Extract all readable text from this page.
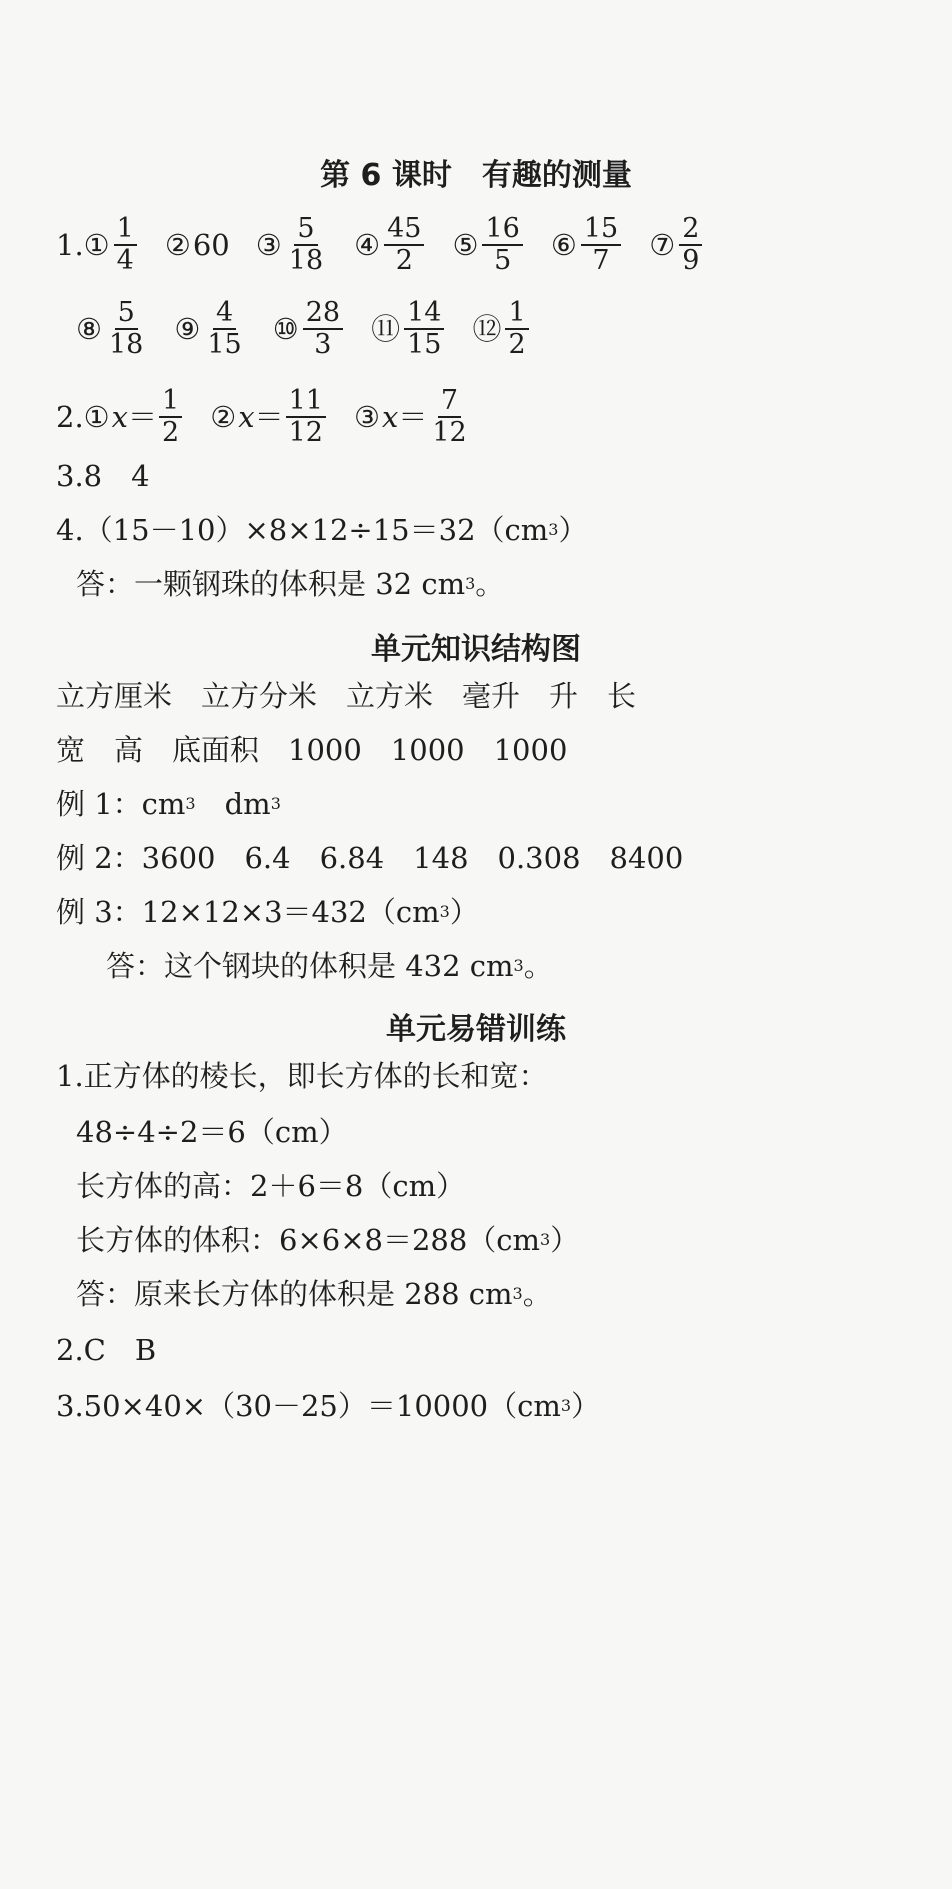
第 6 课时　有趣的测量
1. ① $\frac{1}{4}$ ② 60 ③ $\frac{5}{18}$ ④ $\frac{45}{2}$ ⑤ $\frac{16}{5}$ ⑥ $\frac{15}{7}$ ⑦ $\frac{2}{9}$
⑧ $\frac{5}{18}$ ⑨ $\frac{4}{15}$ ⑩ $\frac{28}{3}$ ⑪ $\frac{14}{15}$ ⑫ $\frac{1}{2}$
2. ① $x = \frac{1}{2}$ ② $x = \frac{11}{12}$ ③ $x = \frac{7}{12}$
3.8　4
4.（15－10）×8×12÷15＝32（cm 3 ）
答：一颗钢珠的体积是 32 cm 3 。
单元知识结构图
立方厘米　立方分米　立方米　毫升　升　长
宽　高　底面积　1000　1000　1000
例 1：cm 3 　dm 3
例 2：3600　6.4　6.84　148　0.308　8400
例 3：12×12×3＝432（cm 3 ）
答：这个钢块的体积是 432 cm 3 。
单元易错训练
1.正方体的棱长，即长方体的长和宽：
48÷4÷2＝6（cm）
长方体的高：2＋6＝8（cm）
长方体的体积：6×6×8＝288（cm 3 ）
答：原来长方体的体积是 288 cm 3 。
2.C　B
3.50×40×（30－25）＝10000（cm 3 ）
